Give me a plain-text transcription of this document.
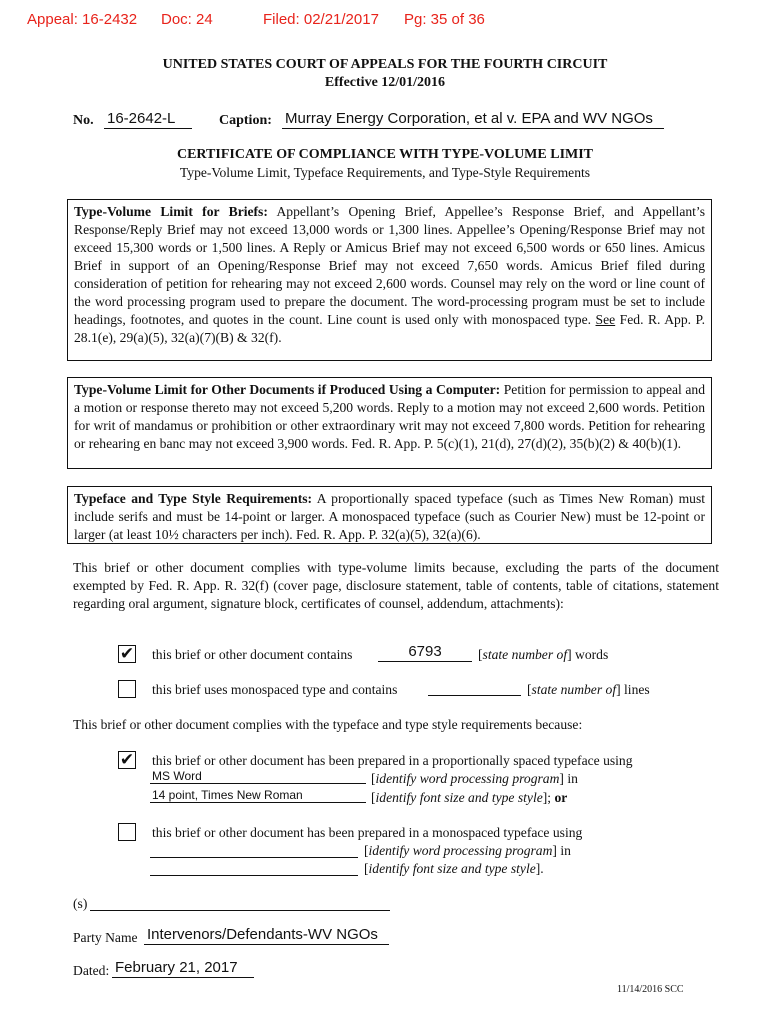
Appeal: 16-2432 Doc: 24	Filed: 02/21/2017 Pg: 35 of 36
UNITED STATES COURT OF APPEALS FOR THE FOURTH CIRCUIT
Effective 12/01/2016
No. 16-2642-L	Caption: Murray Energy Corporation, et al v. EPA and WV NGOs
CERTIFICATE OF COMPLIANCE WITH TYPE-VOLUME LIMIT
Type-Volume Limit, Typeface Requirements, and Type-Style Requirements
Type-Volume Limit for Briefs: Appellant’s Opening Brief, Appellee’s Response Brief, and Appellant’s Response/Reply Brief may not exceed 13,000 words or 1,300 lines. Appellee’s Opening/Response Brief may not exceed 15,300 words or 1,500 lines. A Reply or Amicus Brief may not exceed 6,500 words or 650 lines. Amicus Brief in support of an Opening/Response Brief may not exceed 7,650 words. Amicus Brief filed during consideration of petition for rehearing may not exceed 2,600 words. Counsel may rely on the word or line count of the word processing program used to prepare the document. The word-processing program must be set to include headings, footnotes, and quotes in the count. Line count is used only with monospaced type. See Fed. R. App. P. 28.1(e), 29(a)(5), 32(a)(7)(B) & 32(f).
Type-Volume Limit for Other Documents if Produced Using a Computer: Petition for permission to appeal and a motion or response thereto may not exceed 5,200 words. Reply to a motion may not exceed 2,600 words. Petition for writ of mandamus or prohibition or other extraordinary writ may not exceed 7,800 words. Petition for rehearing or rehearing en banc may not exceed 3,900 words. Fed. R. App. P. 5(c)(1), 21(d), 27(d)(2), 35(b)(2) & 40(b)(1).
Typeface and Type Style Requirements: A proportionally spaced typeface (such as Times New Roman) must include serifs and must be 14-point or larger. A monospaced typeface (such as Courier New) must be 12-point or larger (at least 10½ characters per inch). Fed. R. App. P. 32(a)(5), 32(a)(6).
This brief or other document complies with type-volume limits because, excluding the parts of the document exempted by Fed. R. App. R. 32(f) (cover page, disclosure statement, table of contents, table of citations, statement regarding oral argument, signature block, certificates of counsel, addendum, attachments):
✔ this brief or other document contains	6793	[state number of] words
this brief uses monospaced type and contains	[state number of] lines
This brief or other document complies with the typeface and type style requirements because:
✔ this brief or other document has been prepared in a proportionally spaced typeface using
MS Word	[identify word processing program] in
14 point, Times New Roman	[identify font size and type style]; or
this brief or other document has been prepared in a monospaced typeface using
[identify word processing program] in
[identify font size and type style].
(s)
Party Name Intervenors/Defendants-WV NGOs
Dated: February 21, 2017
11/14/2016 SCC
